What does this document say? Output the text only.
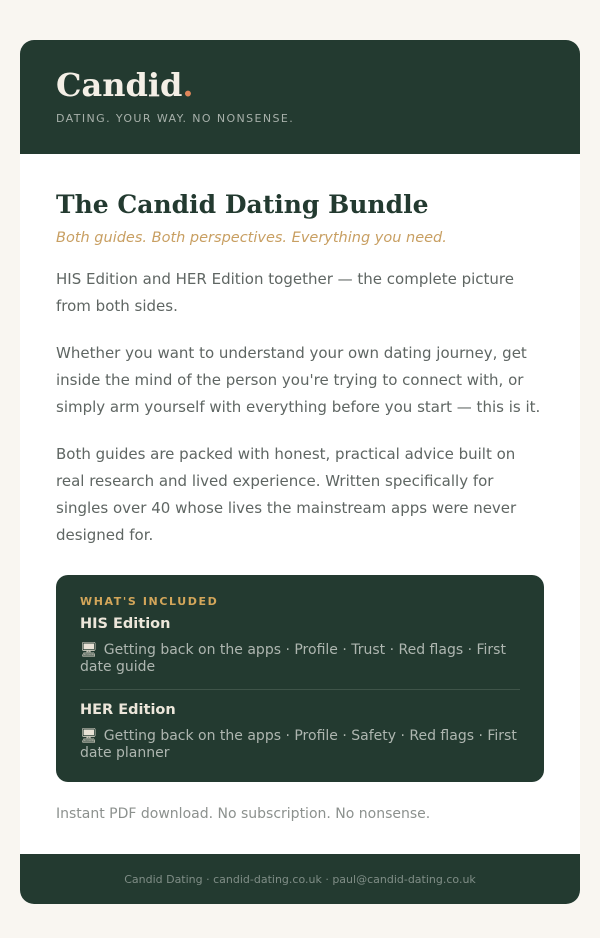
Candid.
DATING. YOUR WAY. NO NONSENSE.
The Candid Dating Bundle

Both guides. Both perspectives. Everything you need.

HIS Edition and HER Edition together — the complete picture from both sides.

Whether you want to understand your own dating journey, get inside the mind of the person you're trying to connect with, or simply arm yourself with everything before you start — this is it.

Both guides are packed with honest, practical advice built on real research and lived experience. Written specifically for singles over 40 whose lives the mainstream apps were never designed for.

WHAT'S INCLUDED

HIS Edition

🖥 Getting back on the apps · Profile · Trust · Red flags · First date guide

HER Edition

🖥 Getting back on the apps · Profile · Safety · Red flags · First date planner

Instant PDF download. No subscription. No nonsense.

Candid Dating · candid-dating.co.uk · paul@candid-dating.co.uk
